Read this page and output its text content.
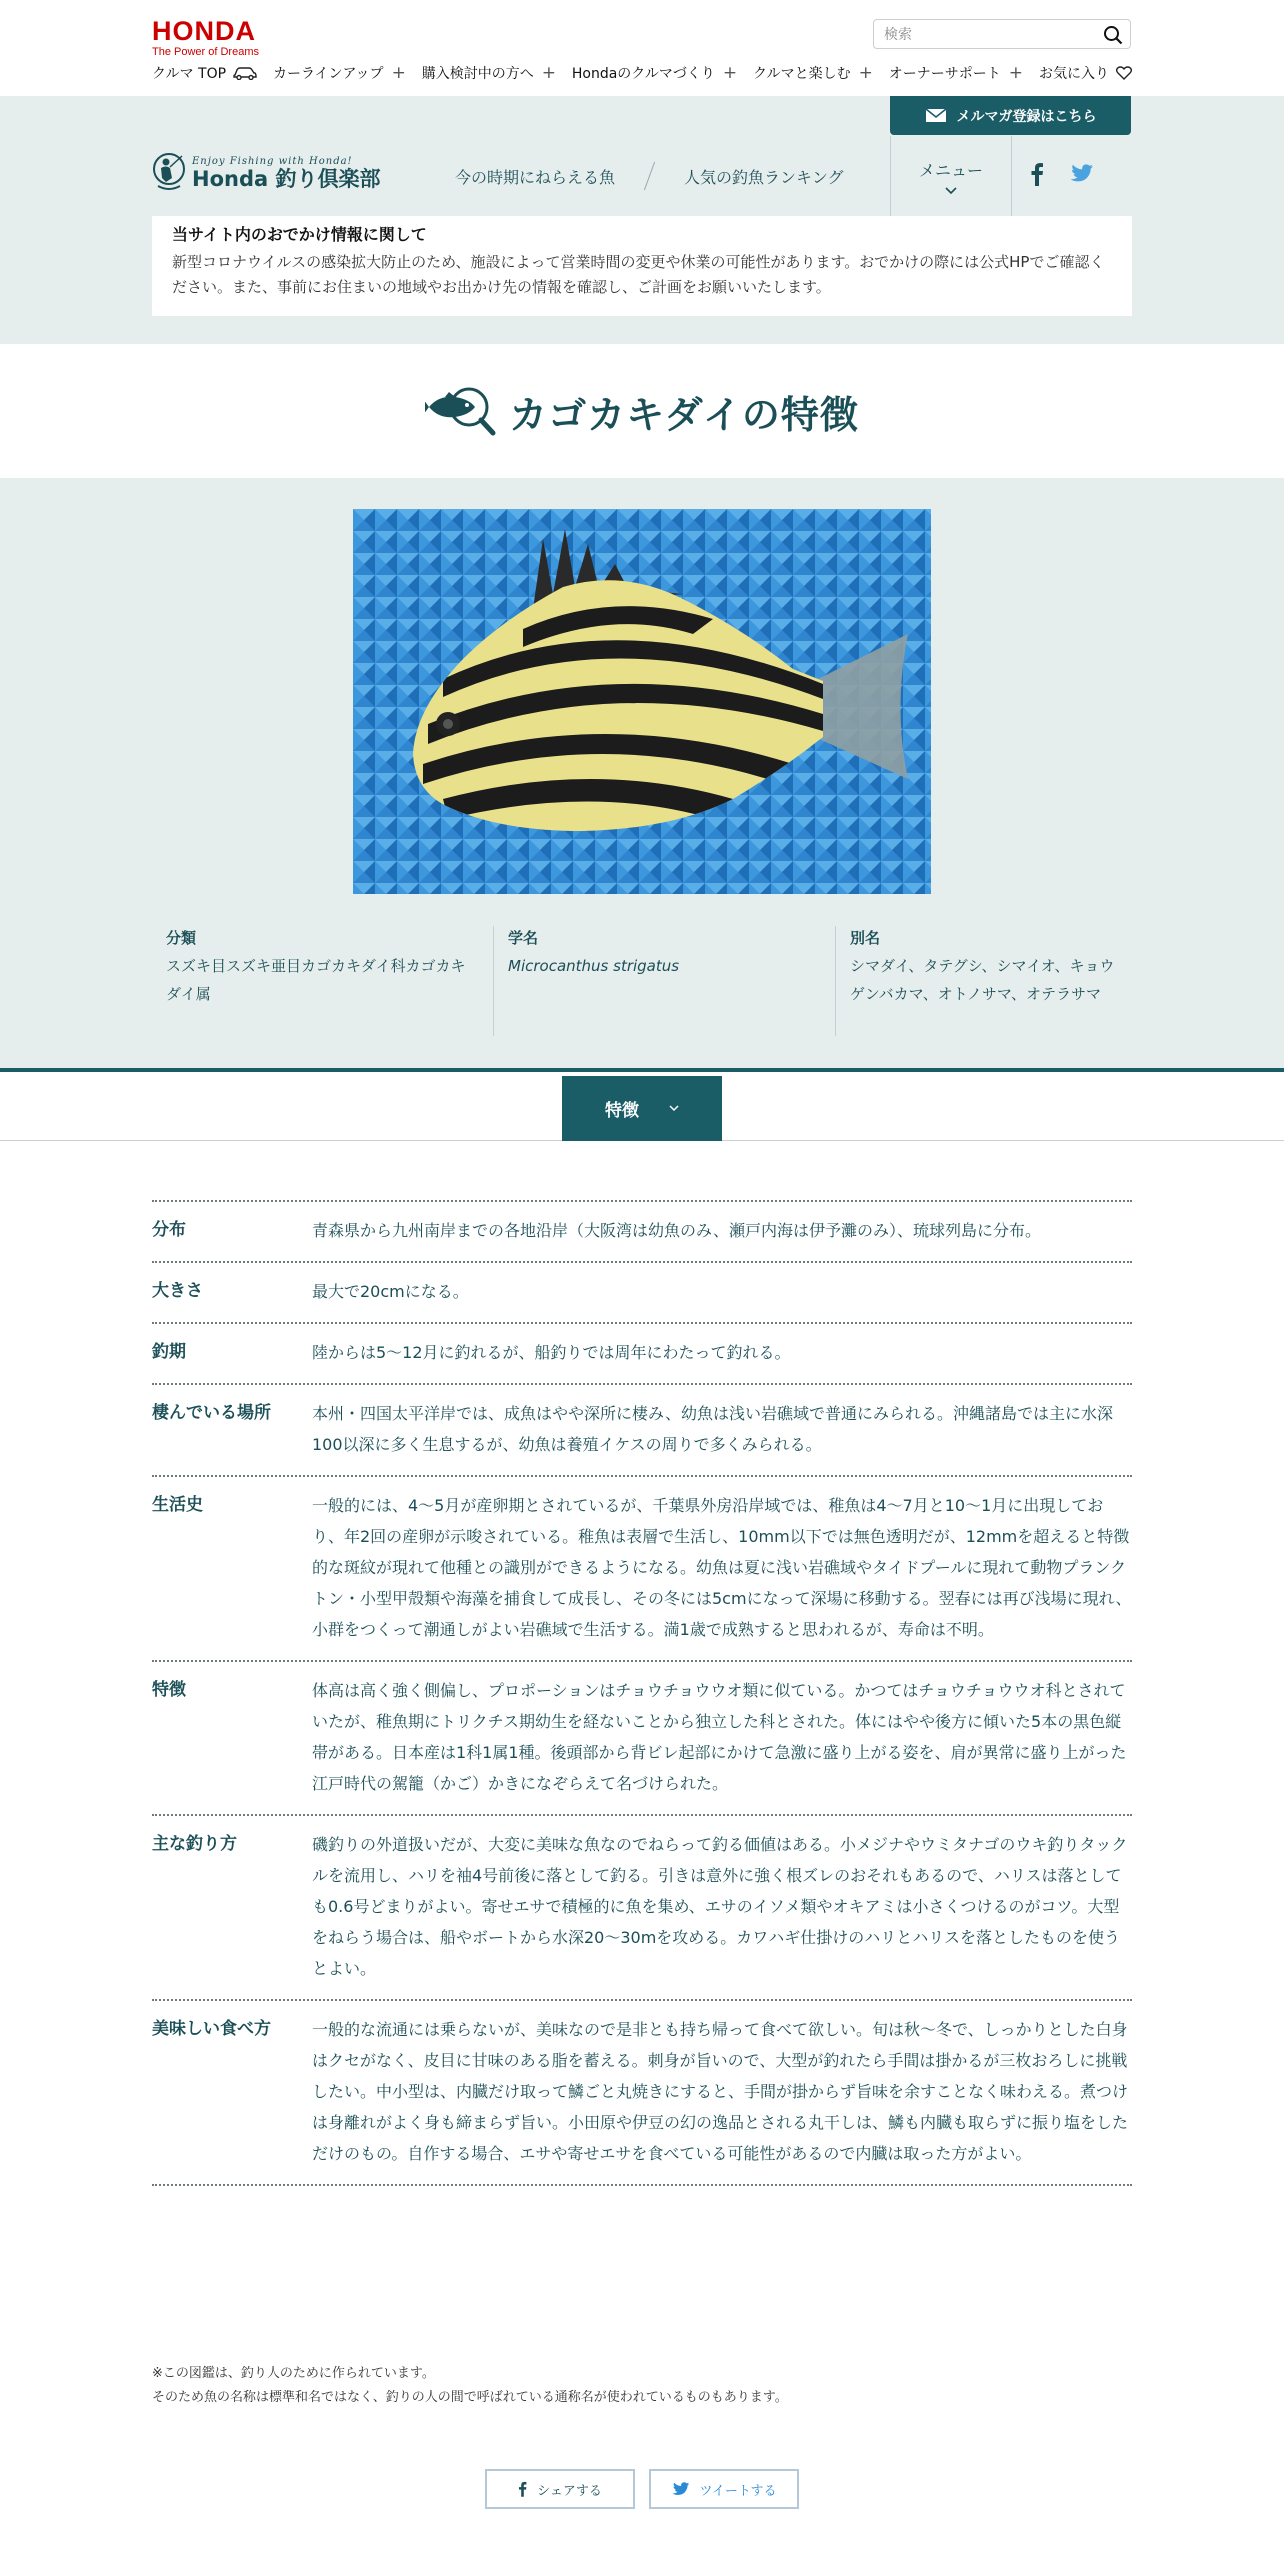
HONDA
The Power of Dreams
検索
クルマ TOP	カーラインアップ + 購入検討中の方へ + Hondaのクルマづくり + クルマと楽しむ + オーナーサポート + お気に入り
メルマガ登録はこちら
Enjoy Fishing with Honda!
Honda 釣り倶楽部	今の時期にねらえる魚	人気の釣魚ランキング	メニュー
当サイト内のおでかけ情報に関して

新型コロナウイルスの感染拡大防止のため、施設によって営業時間の変更や休業の可能性があります。おでかけの際には公式HPでご確認ください。また、事前にお住まいの地域やお出かけ先の情報を確認し、ご計画をお願いいたします。

カゴカキダイの特徴
分類

スズキ目スズキ亜目カゴカキダイ科カゴカキダイ属

学名

Microcanthus strigatus

別名

シマダイ、タテグシ、シマイオ、キョウゲンバカマ、オトノサマ、オテラサマ

特徴
分布	青森県から九州南岸までの各地沿岸（大阪湾は幼魚のみ、瀬戸内海は伊予灘のみ）、琉球列島に分布。
大きさ	最大で20cmになる。
釣期	陸からは5～12月に釣れるが、船釣りでは周年にわたって釣れる。
棲んでいる場所	本州・四国太平洋岸では、成魚はやや深所に棲み、幼魚は浅い岩礁域で普通にみられる。沖縄諸島では主に水深100以深に多く生息するが、幼魚は養殖イケスの周りで多くみられる。
生活史	一般的には、4～5月が産卵期とされているが、千葉県外房沿岸域では、稚魚は4～7月と10～1月に出現しており、年2回の産卵が示唆されている。稚魚は表層で生活し、10mm以下では無色透明だが、12mmを超えると特徴的な斑紋が現れて他種との識別ができるようになる。幼魚は夏に浅い岩礁域やタイドプールに現れて動物プランクトン・小型甲殻類や海藻を捕食して成長し、その冬には5cmになって深場に移動する。翌春には再び浅場に現れ、小群をつくって潮通しがよい岩礁域で生活する。満1歳で成熟すると思われるが、寿命は不明。
特徴	体高は高く強く側偏し、プロポーションはチョウチョウウオ類に似ている。かつてはチョウチョウウオ科とされていたが、稚魚期にトリクチス期幼生を経ないことから独立した科とされた。体にはやや後方に傾いた5本の黒色縦帯がある。日本産は1科1属1種。後頭部から背ビレ起部にかけて急激に盛り上がる姿を、肩が異常に盛り上がった江戸時代の駕籠（かご）かきになぞらえて名づけられた。
主な釣り方	磯釣りの外道扱いだが、大変に美味な魚なのでねらって釣る価値はある。小メジナやウミタナゴのウキ釣りタックルを流用し、ハリを袖4号前後に落として釣る。引きは意外に強く根ズレのおそれもあるので、ハリスは落としても0.6号どまりがよい。寄せエサで積極的に魚を集め、エサのイソメ類やオキアミは小さくつけるのがコツ。大型をねらう場合は、船やボートから水深20～30mを攻める。カワハギ仕掛けのハリとハリスを落としたものを使うとよい。
美味しい食べ方	一般的な流通には乗らないが、美味なので是非とも持ち帰って食べて欲しい。旬は秋～冬で、しっかりとした白身はクセがなく、皮目に甘味のある脂を蓄える。刺身が旨いので、大型が釣れたら手間は掛かるが三枚おろしに挑戦したい。中小型は、内臓だけ取って鱗ごと丸焼きにすると、手間が掛からず旨味を余すことなく味わえる。煮つけは身離れがよく身も締まらず旨い。小田原や伊豆の幻の逸品とされる丸干しは、鱗も内臓も取らずに振り塩をしただけのもの。自作する場合、エサや寄せエサを食べている可能性があるので内臓は取った方がよい。
※この図鑑は、釣り人のために作られています。
そのため魚の名称は標準和名ではなく、釣りの人の間で呼ばれている通称名が使われているものもあります。
シェアする	ツイートする
